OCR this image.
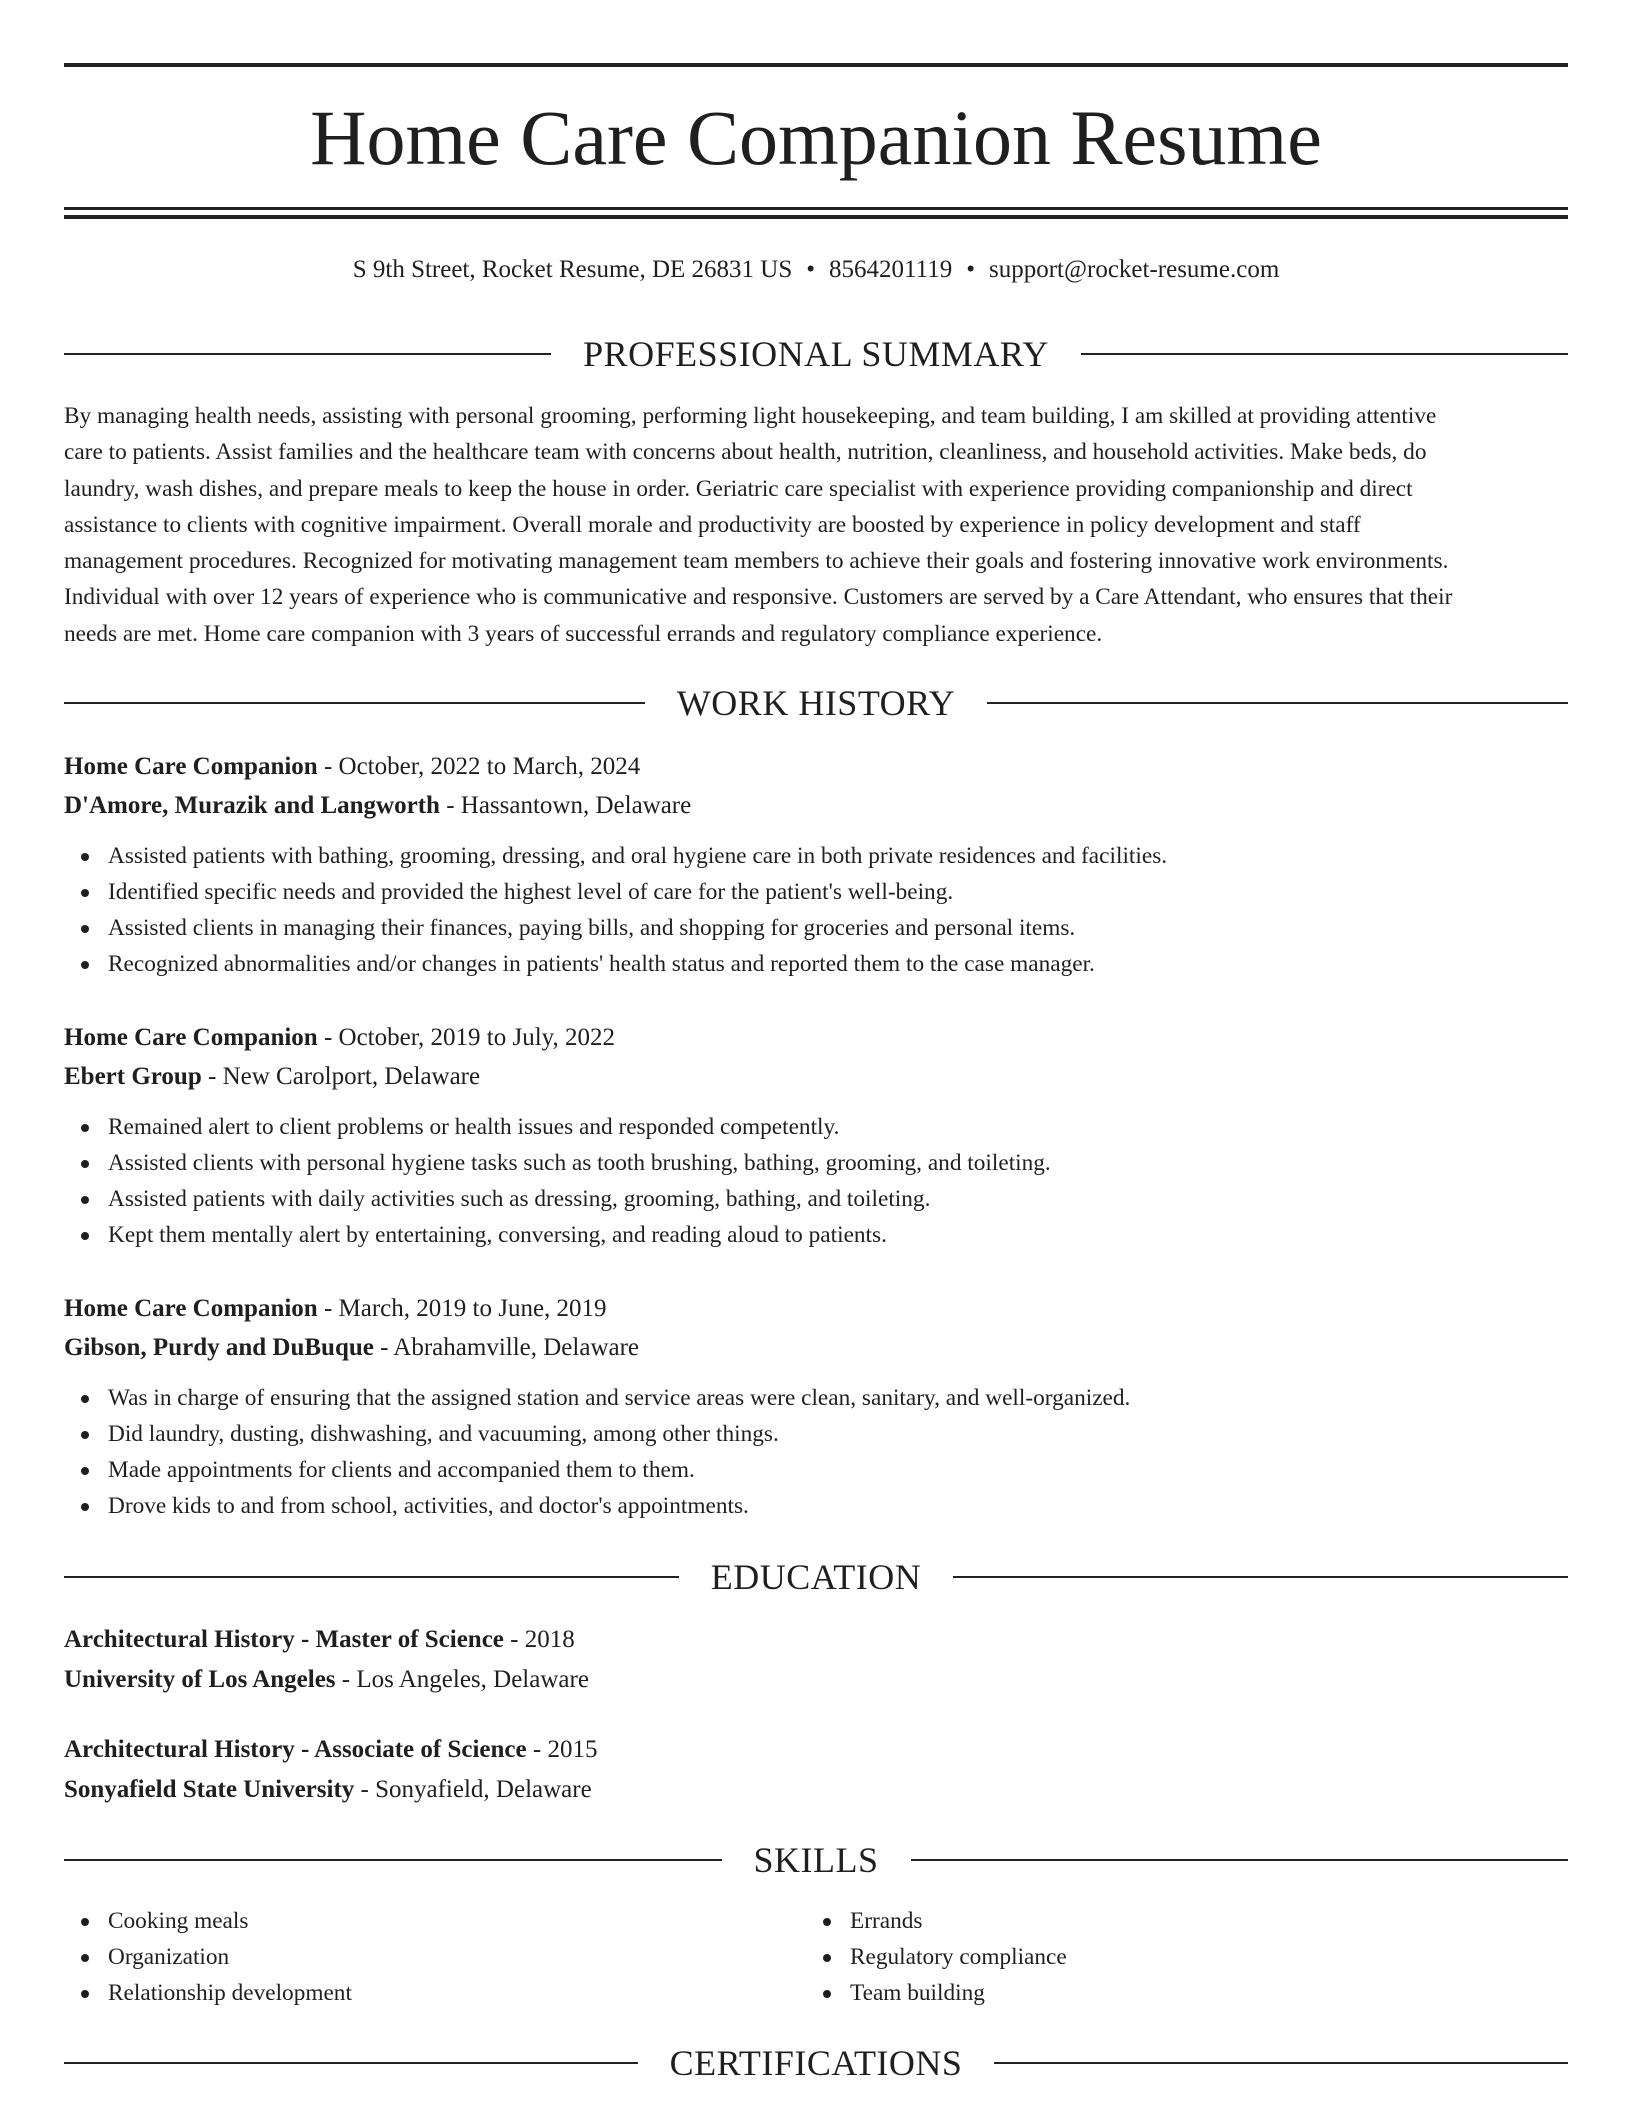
Home Care Companion Resume
S 9th Street, Rocket Resume, DE 26831 US • 8564201119 • support@rocket-resume.com
PROFESSIONAL SUMMARY
By managing health needs, assisting with personal grooming, performing light housekeeping, and team building, I am skilled at providing attentive
care to patients. Assist families and the healthcare team with concerns about health, nutrition, cleanliness, and household activities. Make beds, do
laundry, wash dishes, and prepare meals to keep the house in order. Geriatric care specialist with experience providing companionship and direct
assistance to clients with cognitive impairment. Overall morale and productivity are boosted by experience in policy development and staff
management procedures. Recognized for motivating management team members to achieve their goals and fostering innovative work environments.
Individual with over 12 years of experience who is communicative and responsive. Customers are served by a Care Attendant, who ensures that their
needs are met. Home care companion with 3 years of successful errands and regulatory compliance experience.
WORK HISTORY
Home Care Companion - October, 2022 to March, 2024
D'Amore, Murazik and Langworth - Hassantown, Delaware
Assisted patients with bathing, grooming, dressing, and oral hygiene care in both private residences and facilities.
Identified specific needs and provided the highest level of care for the patient's well-being.
Assisted clients in managing their finances, paying bills, and shopping for groceries and personal items.
Recognized abnormalities and/or changes in patients' health status and reported them to the case manager.
Home Care Companion - October, 2019 to July, 2022
Ebert Group - New Carolport, Delaware
Remained alert to client problems or health issues and responded competently.
Assisted clients with personal hygiene tasks such as tooth brushing, bathing, grooming, and toileting.
Assisted patients with daily activities such as dressing, grooming, bathing, and toileting.
Kept them mentally alert by entertaining, conversing, and reading aloud to patients.
Home Care Companion - March, 2019 to June, 2019
Gibson, Purdy and DuBuque - Abrahamville, Delaware
Was in charge of ensuring that the assigned station and service areas were clean, sanitary, and well-organized.
Did laundry, dusting, dishwashing, and vacuuming, among other things.
Made appointments for clients and accompanied them to them.
Drove kids to and from school, activities, and doctor's appointments.
EDUCATION
Architectural History - Master of Science - 2018
University of Los Angeles - Los Angeles, Delaware
Architectural History - Associate of Science - 2015
Sonyafield State University - Sonyafield, Delaware
SKILLS
Cooking meals
Organization
Relationship development
Errands
Regulatory compliance
Team building
CERTIFICATIONS
